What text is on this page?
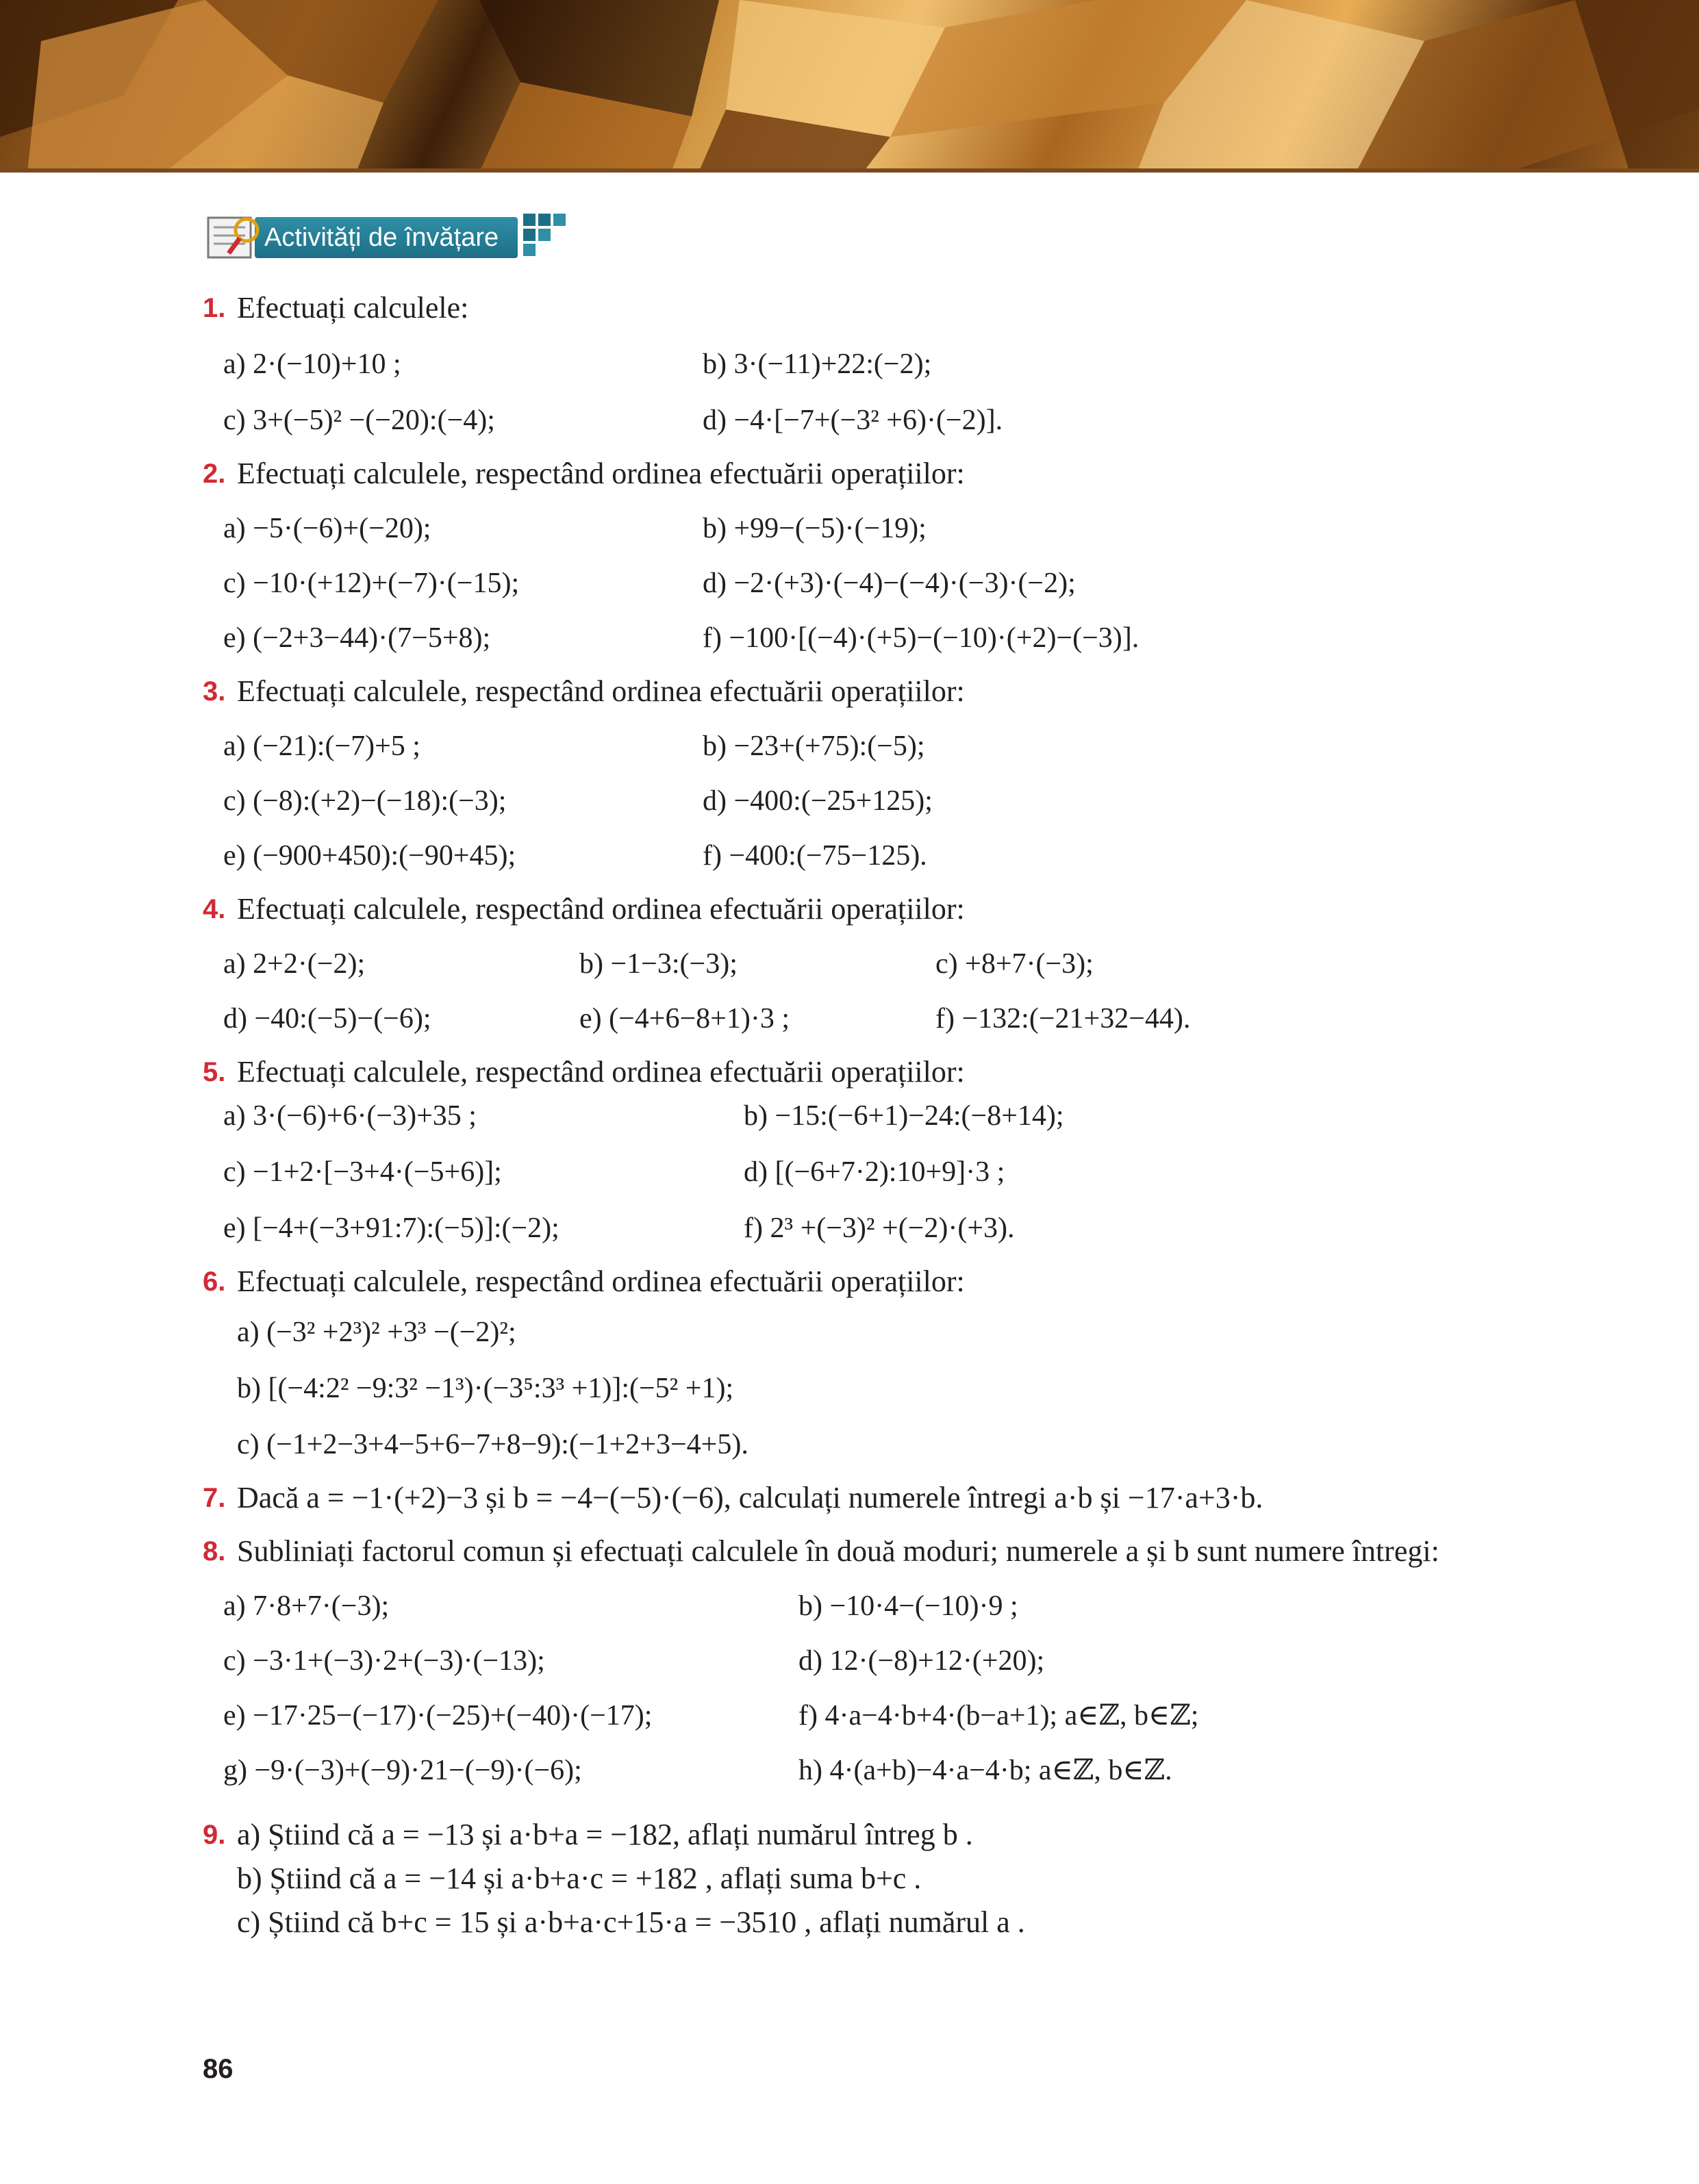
Activități de învățare
1. Efectuați calculele:
a) 2·(−10)+10 ;	b) 3·(−11)+22:(−2);
c) 3+(−5)² −(−20):(−4);	d) −4·[−7+(−3² +6)·(−2)].
2. Efectuați calculele, respectând ordinea efectuării operațiilor:
a) −5·(−6)+(−20);	b) +99−(−5)·(−19);
c) −10·(+12)+(−7)·(−15);	d) −2·(+3)·(−4)−(−4)·(−3)·(−2);
e) (−2+3−44)·(7−5+8);	f) −100·[(−4)·(+5)−(−10)·(+2)−(−3)].
3. Efectuați calculele, respectând ordinea efectuării operațiilor:
a) (−21):(−7)+5 ;	b) −23+(+75):(−5);
c) (−8):(+2)−(−18):(−3);	d) −400:(−25+125);
e) (−900+450):(−90+45);	f) −400:(−75−125).
4. Efectuați calculele, respectând ordinea efectuării operațiilor:
a) 2+2·(−2);	b) −1−3:(−3);	c) +8+7·(−3);
d) −40:(−5)−(−6);	e) (−4+6−8+1)·3 ;	f) −132:(−21+32−44).
5. Efectuați calculele, respectând ordinea efectuării operațiilor:
a) 3·(−6)+6·(−3)+35 ;	b) −15:(−6+1)−24:(−8+14);
c) −1+2·[−3+4·(−5+6)];	d) [(−6+7·2):10+9]·3 ;
e) [−4+(−3+91:7):(−5)]:(−2);	f) 2³ +(−3)² +(−2)·(+3).
6. Efectuați calculele, respectând ordinea efectuării operațiilor:
a) (−3² +2³)² +3³ −(−2)²;
b) [(−4:2² −9:3² −1³)·(−3⁵:3³ +1)]:(−5² +1);
c) (−1+2−3+4−5+6−7+8−9):(−1+2+3−4+5).
7. Dacă a = −1·(+2)−3 și b = −4−(−5)·(−6), calculați numerele întregi a·b și −17·a+3·b.
8. Subliniați factorul comun și efectuați calculele în două moduri; numerele a și b sunt numere întregi:
a) 7·8+7·(−3);	b) −10·4−(−10)·9 ;
c) −3·1+(−3)·2+(−3)·(−13);	d) 12·(−8)+12·(+20);
e) −17·25−(−17)·(−25)+(−40)·(−17);	f) 4·a−4·b+4·(b−a+1); a∈ℤ, b∈ℤ;
g) −9·(−3)+(−9)·21−(−9)·(−6);	h) 4·(a+b)−4·a−4·b; a∈ℤ, b∈ℤ.
9. a) Știind că a = −13 și a·b+a = −182, aflați numărul întreg b .
b) Știind că a = −14 și a·b+a·c = +182 , aflați suma b+c .
c) Știind că b+c = 15 și a·b+a·c+15·a = −3510 , aflați numărul a .
86
